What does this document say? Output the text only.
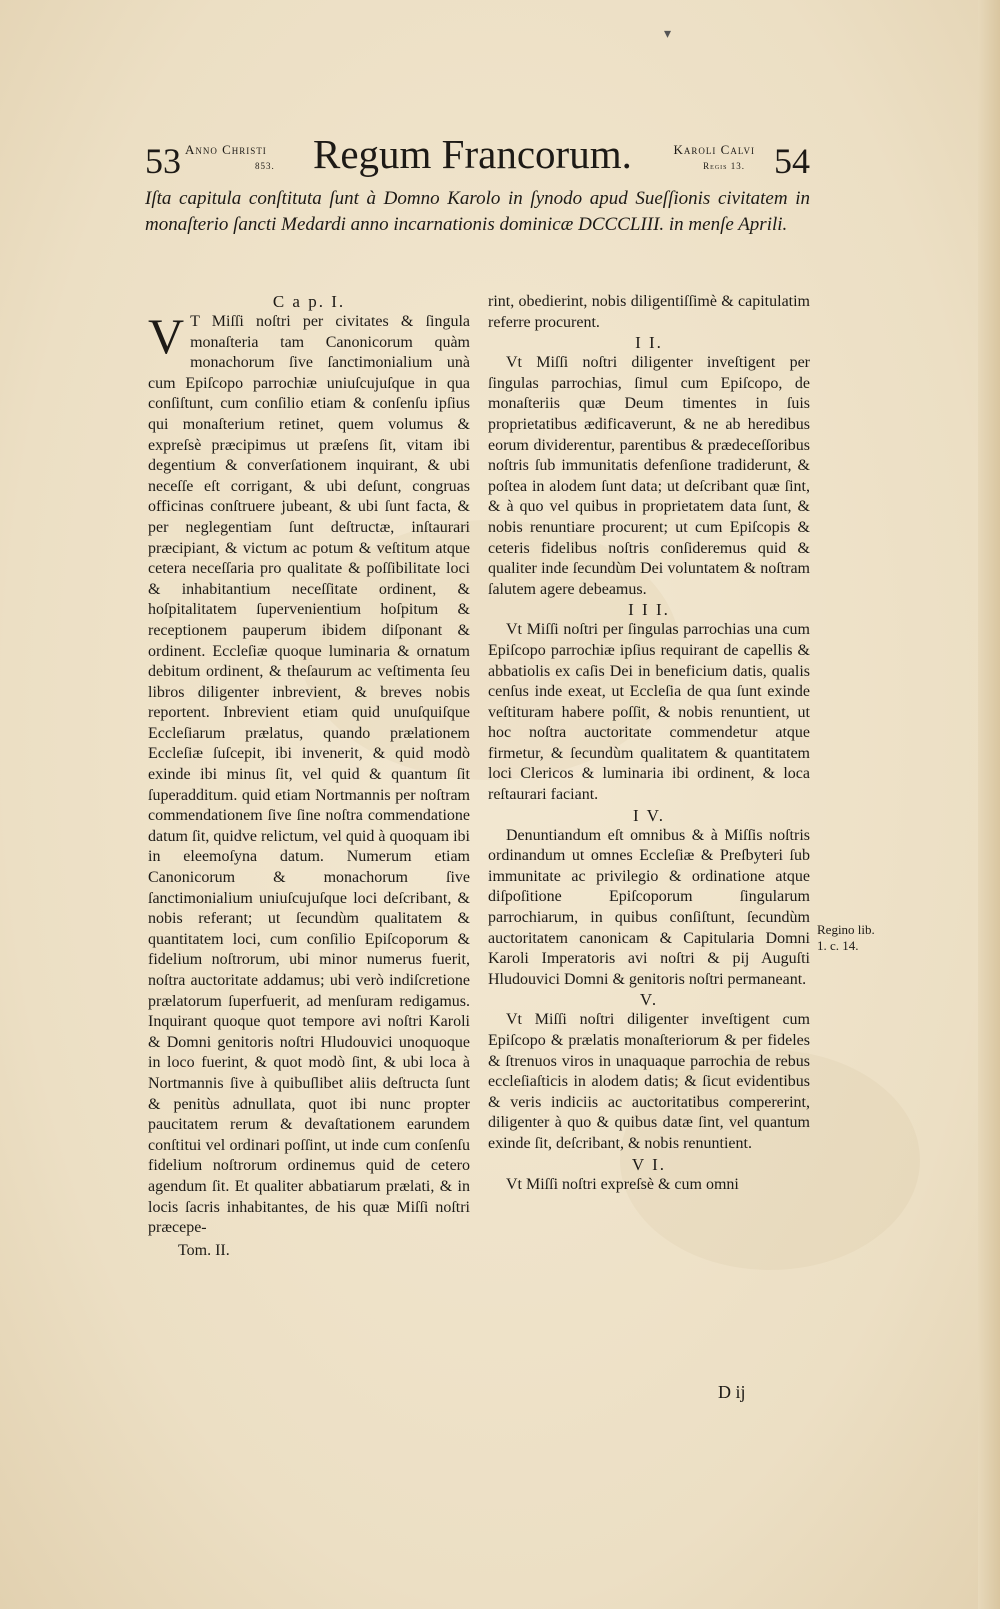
▾
53 Anno Christi
853. Regum Francorum.	Karoli Calvi
Regis 13. 54
Iſta capitula conſtituta ſunt à Domno Karolo in ſynodo apud Sueſſionis civitatem in monaſterio ſancti Medardi anno incarnationis dominicæ DCCCLIII. in menſe Aprili.
C a p. I.

V T Miſſi noſtri per civitates & ſingula monaſteria tam Canonicorum quàm monachorum ſive ſanctimonialium unà cum Epiſcopo parrochiæ uniuſcujuſque in qua conſiſtunt, cum conſilio etiam & conſenſu ipſius qui monaſterium retinet, quem volumus & expreſsè præcipimus ut præſens ſit, vitam ibi degentium & converſationem inquirant, & ubi neceſſe eſt corrigant, & ubi deſunt, congruas officinas conſtruere jubeant, & ubi ſunt facta, & per neglegentiam ſunt deſtructæ, inſtaurari præcipiant, & victum ac potum & veſtitum atque cetera neceſſaria pro qualitate & poſſibilitate loci & inhabitantium neceſſitate ordinent, & hoſpitalitatem ſupervenientium hoſpitum & receptionem pauperum ibidem diſponant & ordinent. Eccleſiæ quoque luminaria & ornatum debitum ordinent, & theſaurum ac veſtimenta ſeu libros diligenter inbrevient, & breves nobis reportent. Inbrevient etiam quid unuſquiſque Eccleſiarum prælatus, quando prælationem Eccleſiæ ſuſcepit, ibi invenerit, & quid modò exinde ibi minus ſit, vel quid & quantum ſit ſuperadditum. quid etiam Nortmannis per noſtram commendationem ſive ſine noſtra commendatione datum ſit, quidve relictum, vel quid à quoquam ibi in eleemoſyna datum. Numerum etiam Canonicorum & monachorum ſive ſanctimonialium uniuſcujuſque loci deſcribant, & nobis referant; ut ſecundùm qualitatem & quantitatem loci, cum conſilio Epiſcoporum & fidelium noſtrorum, ubi minor numerus fuerit, noſtra auctoritate addamus; ubi verò indiſcretione prælatorum ſuperfuerit, ad menſuram redigamus. Inquirant quoque quot tempore avi noſtri Karoli & Domni genitoris noſtri Hludouvici unoquoque in loco fuerint, & quot modò ſint, & ubi loca à Nortmannis ſive à quibuſlibet aliis deſtructa ſunt & penitùs adnullata, quot ibi nunc propter paucitatem rerum & devaſtationem earundem conſtitui vel ordinari poſſint, ut inde cum conſenſu fidelium noſtrorum ordinemus quid de cetero agendum ſit. Et qualiter abbatiarum prælati, & in locis ſacris inhabitantes, de his quæ Miſſi noſtri præcepe-

Tom. II.

rint, obedierint, nobis diligentiſſimè & capitulatim referre procurent.

I I.

Vt Miſſi noſtri diligenter inveſtigent per ſingulas parrochias, ſimul cum Epiſcopo, de monaſteriis quæ Deum timentes in ſuis proprietatibus ædificaverunt, & ne ab heredibus eorum dividerentur, parentibus & prædeceſſoribus noſtris ſub immunitatis defenſione tradiderunt, & poſtea in alodem ſunt data; ut deſcribant quæ ſint, & à quo vel quibus in proprietatem data ſunt, & nobis renuntiare procurent; ut cum Epiſcopis & ceteris fidelibus noſtris conſideremus quid & qualiter inde ſecundùm Dei voluntatem & noſtram ſalutem agere debeamus.

I I I.

Vt Miſſi noſtri per ſingulas parrochias una cum Epiſcopo parrochiæ ipſius requirant de capellis & abbatiolis ex caſis Dei in beneficium datis, qualis cenſus inde exeat, ut Eccleſia de qua ſunt exinde veſtituram habere poſſit, & nobis renuntient, ut hoc noſtra auctoritate commendetur atque firmetur, & ſecundùm qualitatem & quantitatem loci Clericos & luminaria ibi ordinent, & loca reſtaurari faciant.

I V.

Denuntiandum eſt omnibus & à Miſſis noſtris ordinandum ut omnes Eccleſiæ & Preſbyteri ſub immunitate ac privilegio & ordinatione atque diſpoſitione Epiſcoporum ſingularum parrochiarum, in quibus conſiſtunt, ſecundùm auctoritatem canonicam & Capitularia Domni Karoli Imperatoris avi noſtri & pij Auguſti Hludouvici Domni & genitoris noſtri permaneant.

V.

Vt Miſſi noſtri diligenter inveſtigent cum Epiſcopo & prælatis monaſteriorum & per fideles & ſtrenuos viros in unaquaque parrochia de rebus eccleſiaſticis in alodem datis; & ſicut evidentibus & veris indiciis ac auctoritatibus compererint, diligenter à quo & quibus datæ ſint, vel quantum exinde ſit, deſcribant, & nobis renuntient.

V I.

Vt Miſſi noſtri expreſsè & cum omni

D ij
Regino lib. 1. c. 14.
